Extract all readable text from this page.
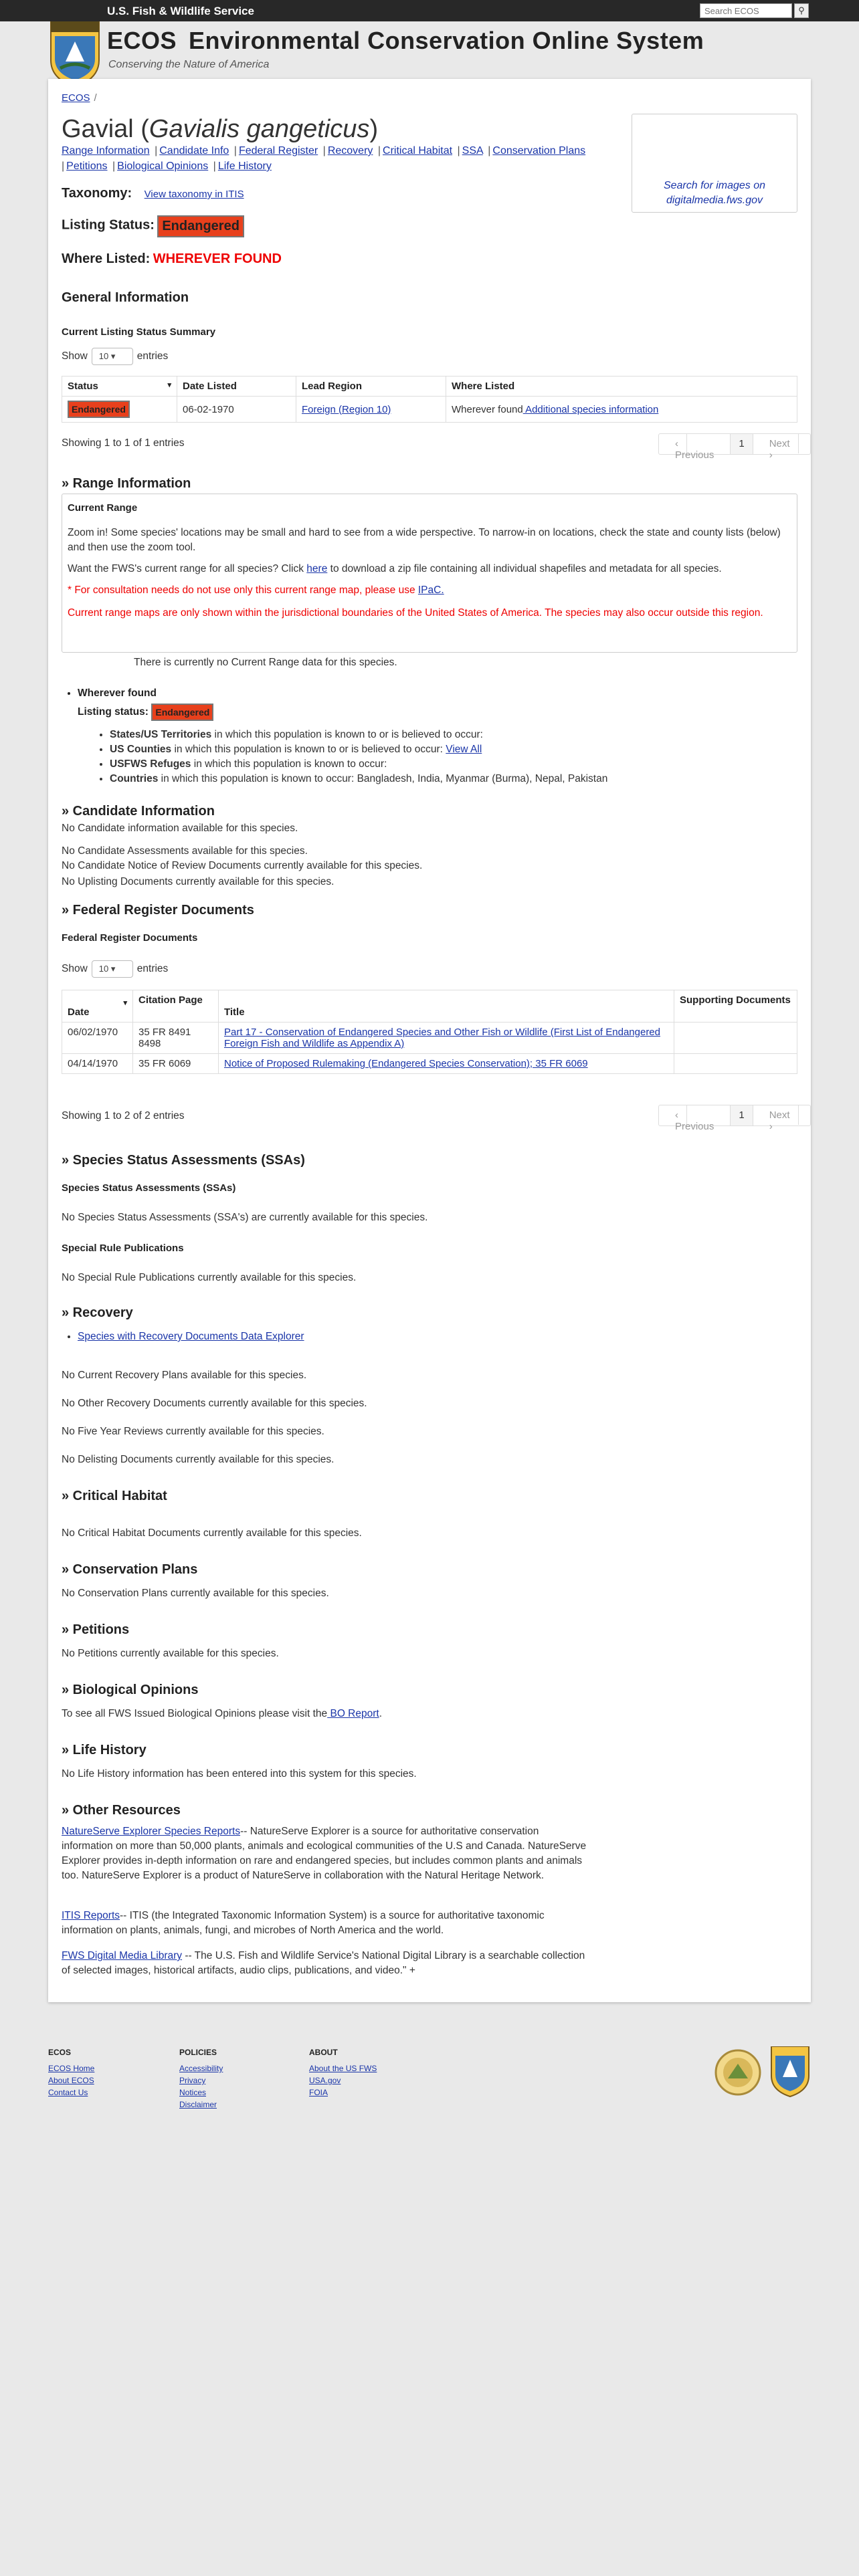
U.S. Fish & Wildlife Service
Search ECOS	⚲
ECOS Environmental Conservation Online System
Conserving the Nature of America
ECOS /
Gavial (Gavialis gangeticus)
Range Information | Candidate Info | Federal Register | Recovery | Critical Habitat | SSA | Conservation Plans
| Petitions | Biological Opinions | Life History
Search for images on
digitalmedia.fws.gov
Taxonomy: View taxonomy in ITIS
Listing Status: Endangered
Where Listed: WHEREVER FOUND
General Information
Current Listing Status Summary
Show 10 ▾ entries
Status ▾	Date Listed	Lead Region	Where Listed
Endangered	06-02-1970	Foreign (Region 10)	Wherever found Additional species information
Showing 1 to 1 of 1 entries	‹ Previous
1	Next ›
» Range Information
Current Range
Zoom in! Some species' locations may be small and hard to see from a wide perspective. To narrow-in on locations, check the state and county lists (below) and then use the zoom tool.
Want the FWS's current range for all species? Click here to download a zip file containing all individual shapefiles and metadata for all species.
* For consultation needs do not use only this current range map, please use IPaC.
Current range maps are only shown within the jurisdictional boundaries of the United States of America. The species may also occur outside this region.
There is currently no Current Range data for this species.
• Wherever found
Listing status: Endangered
• States/US Territories in which this population is known to or is believed to occur:
• US Counties in which this population is known to or is believed to occur: View All
• USFWS Refuges in which this population is known to occur:
• Countries in which this population is known to occur: Bangladesh, India, Myanmar (Burma), Nepal, Pakistan
» Candidate Information
No Candidate information available for this species.
No Candidate Assessments available for this species.
No Candidate Notice of Review Documents currently available for this species.
No Uplisting Documents currently available for this species.
» Federal Register Documents
Federal Register Documents
Show 10 ▾ entries
▾
Date	Citation Page	Title	Supporting Documents
06/02/1970	35 FR 8491 8498	Part 17 - Conservation of Endangered Species and Other Fish or Wildlife (First List of Endangered Foreign Fish and Wildlife as Appendix A)	
04/14/1970	35 FR 6069	Notice of Proposed Rulemaking (Endangered Species Conservation); 35 FR 6069	
Showing 1 to 2 of 2 entries	‹ Previous
1	Next ›
» Species Status Assessments (SSAs)
Species Status Assessments (SSAs)
No Species Status Assessments (SSA's) are currently available for this species.
Special Rule Publications
No Special Rule Publications currently available for this species.
» Recovery
• Species with Recovery Documents Data Explorer
No Current Recovery Plans available for this species.
No Other Recovery Documents currently available for this species.
No Five Year Reviews currently available for this species.
No Delisting Documents currently available for this species.
» Critical Habitat
No Critical Habitat Documents currently available for this species.
» Conservation Plans
No Conservation Plans currently available for this species.
» Petitions
No Petitions currently available for this species.
» Biological Opinions
To see all FWS Issued Biological Opinions please visit the BO Report.
» Life History
No Life History information has been entered into this system for this species.
» Other Resources
NatureServe Explorer Species Reports-- NatureServe Explorer is a source for authoritative conservation information on more than 50,000 plants, animals and ecological communities of the U.S and Canada. NatureServe Explorer provides in-depth information on rare and endangered species, but includes common plants and animals too. NatureServe Explorer is a product of NatureServe in collaboration with the Natural Heritage Network.
ITIS Reports-- ITIS (the Integrated Taxonomic Information System) is a source for authoritative taxonomic information on plants, animals, fungi, and microbes of North America and the world.
FWS Digital Media Library -- The U.S. Fish and Wildlife Service's National Digital Library is a searchable collection of selected images, historical artifacts, audio clips, publications, and video." +
ECOS
ECOS Home
About ECOS
Contact Us
POLICIES
Accessibility
Privacy
Notices
Disclaimer
ABOUT
About the US FWS
USA.gov
FOIA
